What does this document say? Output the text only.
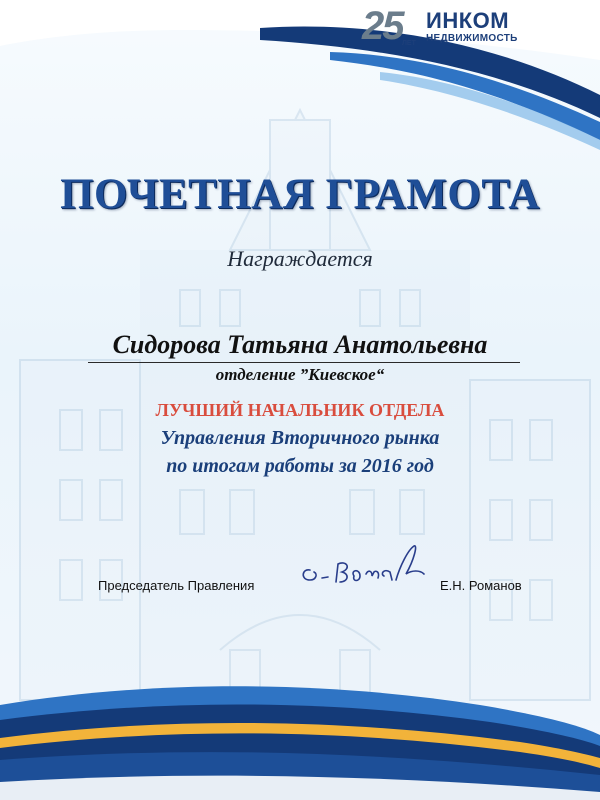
25 ЛЕТ
ИНКОМ
НЕДВИЖИМОСТЬ
ПОЧЕТНАЯ ГРАМОТА
Награждается
Сидорова Татьяна Анатольевна
отделение ”Киевское“
ЛУЧШИЙ НАЧАЛЬНИК ОТДЕЛА
Управления Вторичного рынка
по итогам работы за 2016 год
Председатель Правления	Е.Н. Романов
